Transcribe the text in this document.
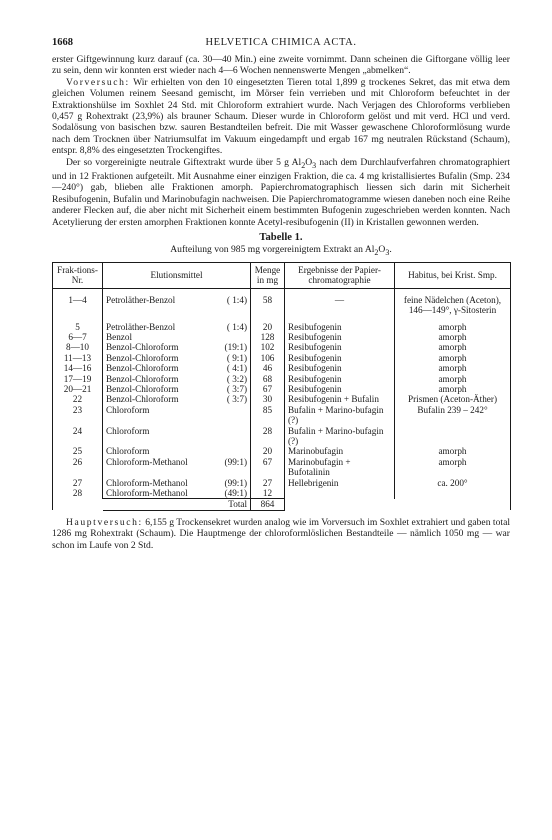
1668	HELVETICA CHIMICA ACTA.

erster Giftgewinnung kurz darauf (ca. 30—40 Min.) eine zweite vornimmt. Dann scheinen die Giftorgane völlig leer zu sein, denn wir konnten erst wieder nach 4—6 Wochen nennenswerte Mengen „abmelken“.

Vorversuch: Wir erhielten von den 10 eingesetzten Tieren total 1,899 g trockenes Sekret, das mit etwa dem gleichen Volumen reinem Seesand gemischt, im Mörser fein verrieben und mit Chloroform befeuchtet in der Extraktionshülse im Soxhlet 24 Std. mit Chloroform extrahiert wurde. Nach Verjagen des Chloroforms verblieben 0,457 g Rohextrakt (23,9%) als brauner Schaum. Dieser wurde in Chloroform gelöst und mit verd. HCl und verd. Sodalösung von basischen bzw. sauren Bestandteilen befreit. Die mit Wasser gewaschene Chloroformlösung wurde nach dem Trocknen über Natriumsulfat im Vakuum eingedampft und ergab 167 mg neutralen Rückstand (Schaum), entspr. 8,8% des eingesetzten Trockengiftes.

Der so vorgereinigte neutrale Giftextrakt wurde über 5 g $Al_2O_3$ nach dem Durchlaufverfahren chromatographiert und in 12 Fraktionen aufgeteilt. Mit Ausnahme einer einzigen Fraktion, die ca. 4 mg kristallisiertes Bufalin (Smp. 234—240°) gab, blieben alle Fraktionen amorph. Papierchromatographisch liessen sich darin mit Sicherheit Resibufogenin, Bufalin und Marinobufagin nachweisen. Die Papierchromatogramme wiesen daneben noch eine Reihe anderer Flecken auf, die aber nicht mit Sicherheit einem bestimmten Bufogenin zugeschrieben werden konnten. Nach Acetylierung der ersten amorphen Fraktionen konnte Acetyl-resibufogenin (II) in Kristallen gewonnen werden.

Tabelle 1.
Aufteilung von 985 mg vorgereinigtem Extrakt an $Al_2O_3$.
Frak-tions-Nr.	Elutionsmittel	Menge in mg	Ergebnisse der Papier-chromatographie	Habitus, bei Krist. Smp.

1—4	Petroläther-Benzol ( 1:4)	58	—	feine Nädelchen (Aceton), 146—149°, γ-Sitosterin

5	Petroläther-Benzol ( 1:4)	20	Resibufogenin	amorph
6—7	Benzol	128	Resibufogenin	amorph
8—10	Benzol-Chloroform (19:1)	102	Resibufogenin	amorph
11—13	Benzol-Chloroform ( 9:1)	106	Resibufogenin	amorph
14—16	Benzol-Chloroform ( 4:1)	46	Resibufogenin	amorph
17—19	Benzol-Chloroform ( 3:2)	68	Resibufogenin	amorph
20—21	Benzol-Chloroform ( 3:7)	67	Resibufogenin	amorph
22	Benzol-Chloroform ( 3:7)	30	Resibufogenin + Bufalin	Prismen (Aceton-Äther)
23	Chloroform	85	Bufalin + Marino-bufagin (?)	Bufalin 239 – 242°
24	Chloroform	28	Bufalin + Marino-bufagin (?)	
25	Chloroform	20	Marinobufagin	amorph
26	Chloroform-Methanol (99:1)	67	Marinobufagin + Bufotalinin	amorph
27	Chloroform-Methanol (99:1)	27	Hellebrigenin	ca. 200°
28	Chloroform-Methanol (49:1)	12		
	Total	864		

Hauptversuch: 6,155 g Trockensekret wurden analog wie im Vorversuch im Soxhlet extrahiert und gaben total 1286 mg Rohextrakt (Schaum). Die Hauptmenge der chloroformlöslichen Bestandteile — nämlich 1050 mg — war schon im Laufe von 2 Std.
